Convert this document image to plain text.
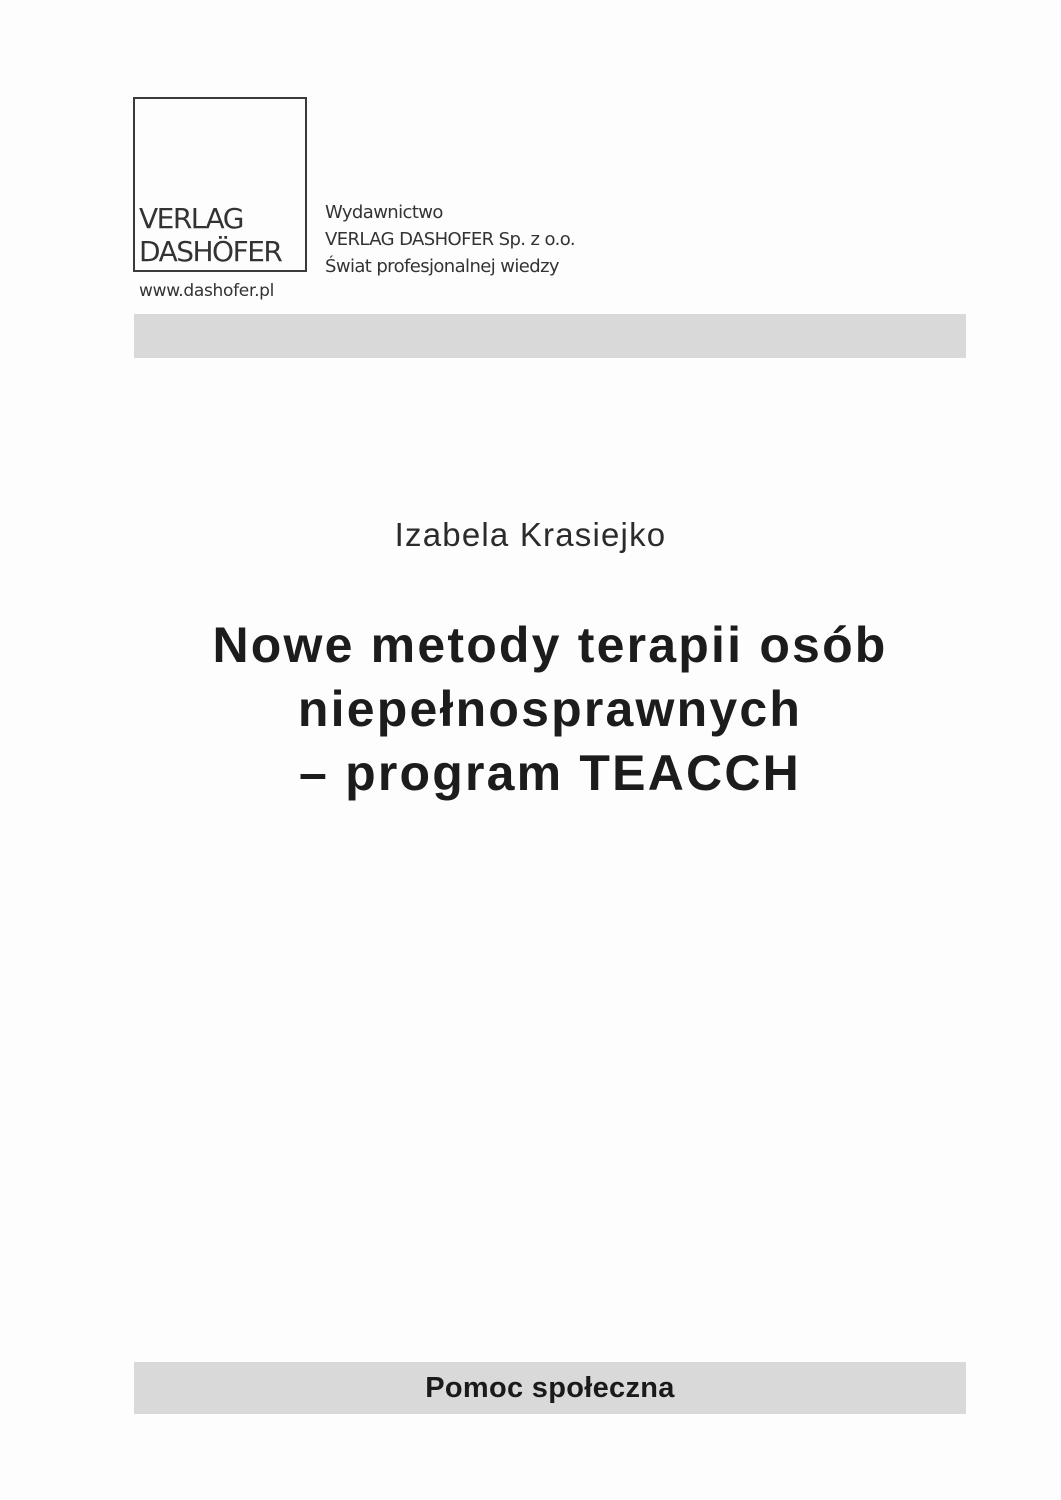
VERLAG
DASHÖFER
www.dashofer.pl
Wydawnictwo
VERLAG DASHOFER Sp. z o.o.
Świat profesjonalnej wiedzy
Izabela Krasiejko
Nowe metody terapii osób
niepełnosprawnych
– program TEACCH
Pomoc społeczna
